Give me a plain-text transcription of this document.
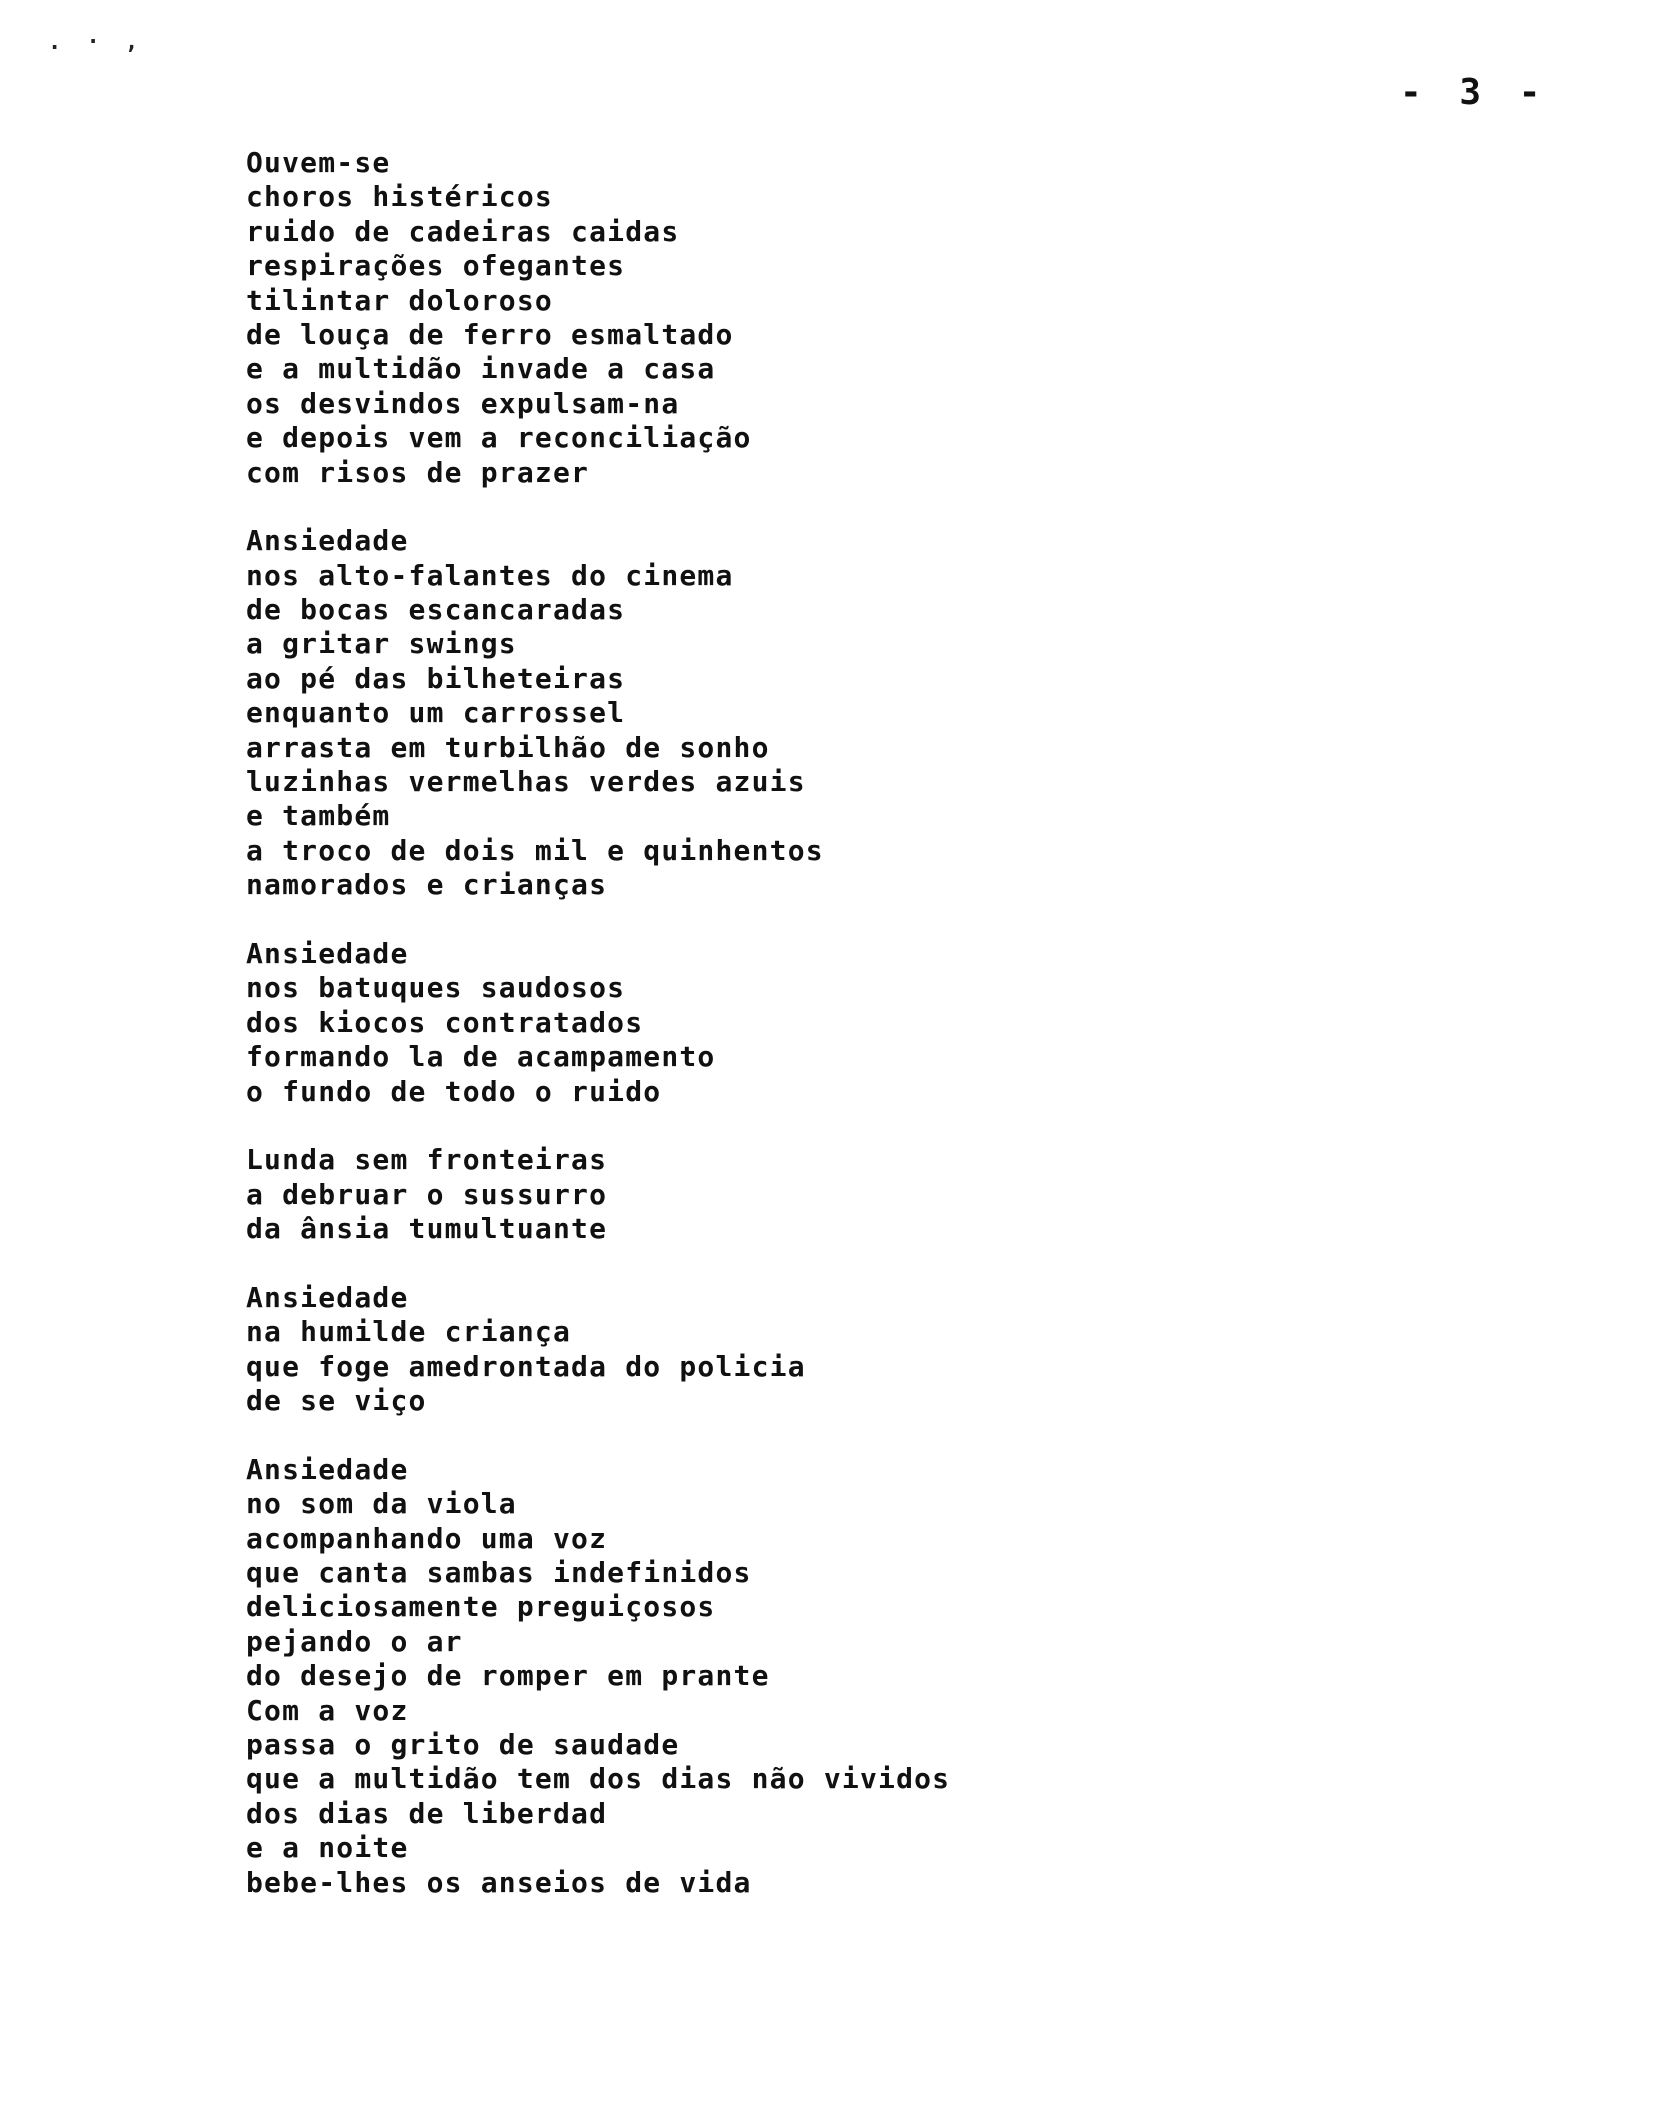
. · ,
- 3 -
Ouvem-se
choros histéricos
ruido de cadeiras caidas
respirações ofegantes
tilintar doloroso
de louça de ferro esmaltado
e a multidão invade a casa
os desvindos expulsam-na
e depois vem a reconciliação
com risos de prazer
Ansiedade
nos alto-falantes do cinema
de bocas escancaradas
a gritar swings
ao pé das bilheteiras
enquanto um carrossel
arrasta em turbilhão de sonho
luzinhas vermelhas verdes azuis
e também
a troco de dois mil e quinhentos
namorados e crianças
Ansiedade
nos batuques saudosos
dos kiocos contratados
formando la de acampamento
o fundo de todo o ruido
Lunda sem fronteiras
a debruar o sussurro
da ânsia tumultuante
Ansiedade
na humilde criança
que foge amedrontada do policia
de se viço
Ansiedade
no som da viola
acompanhando uma voz
que canta sambas indefinidos
deliciosamente preguiçosos
pejando o ar
do desejo de romper em prante
Com a voz
passa o grito de saudade
que a multidão tem dos dias não vividos
dos dias de liberdad
e a noite
bebe-lhes os anseios de vida
